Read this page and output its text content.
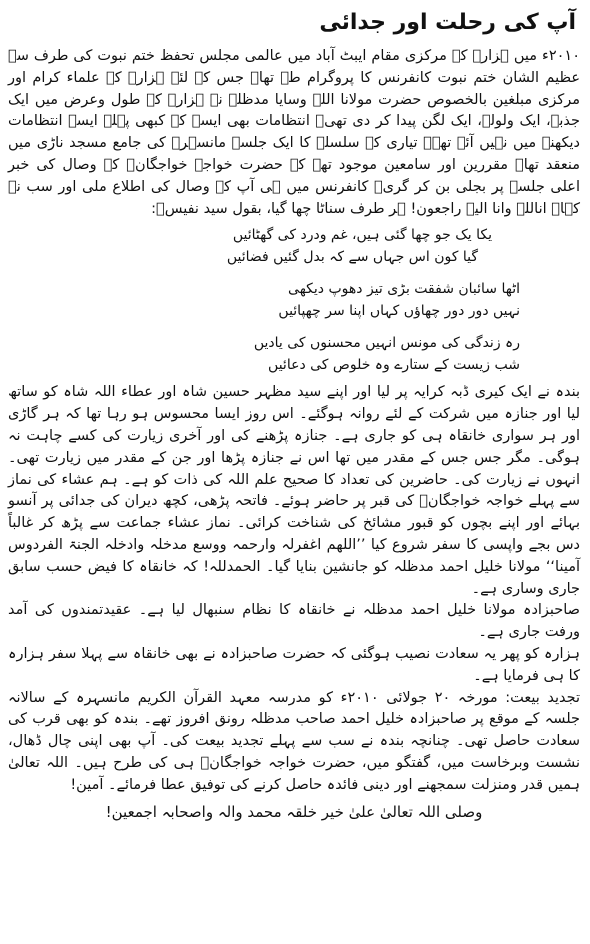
آپ کی رحلت اور جدائی

۲۰۱۰ء میں ہزارہ کے مرکزی مقام ایبٹ آباد میں عالمی مجلس تحفظ ختم نبوت کی طرف سے عظیم الشان ختم نبوت کانفرنس کا پروگرام طے تھا۔ جس کے لئے ہزارہ کے علماء کرام اور مرکزی مبلغین بالخصوص حضرت مولانا اللہ وسایا مدظلہ نے ہزارہ کے طول وعرض میں ایک جذبہ، ایک ولولہ، ایک لگن پیدا کر دی تھی۔ انتظامات بھی ایسے کہ کبھی پہلے ایسے انتظامات دیکھنے میں نہیں آئے تھے۔ تیاری کے سلسلہ کا ایک جلسہ مانسہرہ کی جامع مسجد ناڑی میں منعقد تھا۔ مقررین اور سامعین موجود تھے کہ حضرت خواجہ خواجگانؒ کے وصال کی خبر اعلی جلسہ پر بجلی بن کر گری۔ کانفرنس میں ہی آپ کے وصال کی اطلاع ملی اور سب نے کہا۔ اناللہ وانا الیہ راجعون! ہر طرف سناٹا چھا گیا، بقول سید نفیسؒ:

یکا یک جو چھا گئی ہیں، غم ودرد کی گھٹائیں
گیا کون اس جہاں سے کہ بدل گئیں فضائیں
اٹھا سائبان شفقت بڑی تیز دھوپ دیکھی
نہیں دور دور چھاؤں کہاں اپنا سر چھپائیں
رہ زندگی کی مونس انہیں محسنوں کی یادیں
شب زیست کے ستارے وہ خلوص کی دعائیں

بندہ نے ایک کیری ڈبہ کرایہ پر لیا اور اپنے سید مظہر حسین شاہ اور عطاء اللہ شاہ کو ساتھ لیا اور جنازہ میں شرکت کے لئے روانہ ہوگئے۔ اس روز ایسا محسوس ہو رہا تھا کہ ہر گاڑی اور ہر سواری خانقاہ ہی کو جاری ہے۔ جنازہ پڑھنے کی اور آخری زیارت کی کسے چاہت نہ ہوگی۔ مگر جس جس کے مقدر میں تھا اس نے جنازہ پڑھا اور جن کے مقدر میں زیارت تھی۔ انہوں نے زیارت کی۔ حاضرین کی تعداد کا صحیح علم اللہ کی ذات کو ہے۔ ہم عشاء کی نماز سے پہلے خواجہ خواجگانؒ کی قبر پر حاضر ہوئے۔ فاتحہ پڑھی، کچھ دیران کی جدائی پر آنسو بہائے اور اپنے بچوں کو قبور مشائخ کی شناخت کرائی۔ نماز عشاء جماعت سے پڑھ کر غالباً دس بجے واپسی کا سفر شروع کیا ’’اللھم اغفرلہ وارحمہ ووسع مدخلہ وادخلہ الجنۃ الفردوس آمینا‘‘ مولانا خلیل احمد مدظلہ کو جانشین بنایا گیا۔ الحمدللہ! کہ خانقاہ کا فیض حسب سابق جاری وساری ہے۔

صاحبزادہ مولانا خلیل احمد مدظلہ نے خانقاہ کا نظام سنبھال لیا ہے۔ عقیدتمندوں کی آمد ورفت جاری ہے۔

ہزارہ کو پھر یہ سعادت نصیب ہوگئی کہ حضرت صاحبزادہ نے بھی خانقاہ سے پہلا سفر ہزارہ کا ہی فرمایا ہے۔

تجدید بیعت: مورخہ ۲۰ جولائی ۲۰۱۰ء کو مدرسہ معہد القرآن الکریم مانسہرہ کے سالانہ جلسہ کے موقع پر صاحبزادہ خلیل احمد صاحب مدظلہ رونق افروز تھے۔ بندہ کو بھی قرب کی سعادت حاصل تھی۔ چنانچہ بندہ نے سب سے پہلے تجدید بیعت کی۔ آپ بھی اپنی چال ڈھال، نشست وبرخاست میں، گفتگو میں، حضرت خواجہ خواجگانؒ ہی کی طرح ہیں۔ اللہ تعالیٰ ہمیں قدر ومنزلت سمجھنے اور دینی فائدہ حاصل کرنے کی توفیق عطا فرمائے۔ آمین!

وصلی اللہ تعالیٰ علیٰ خیر خلقہ محمد والہ واصحابہ اجمعین!
